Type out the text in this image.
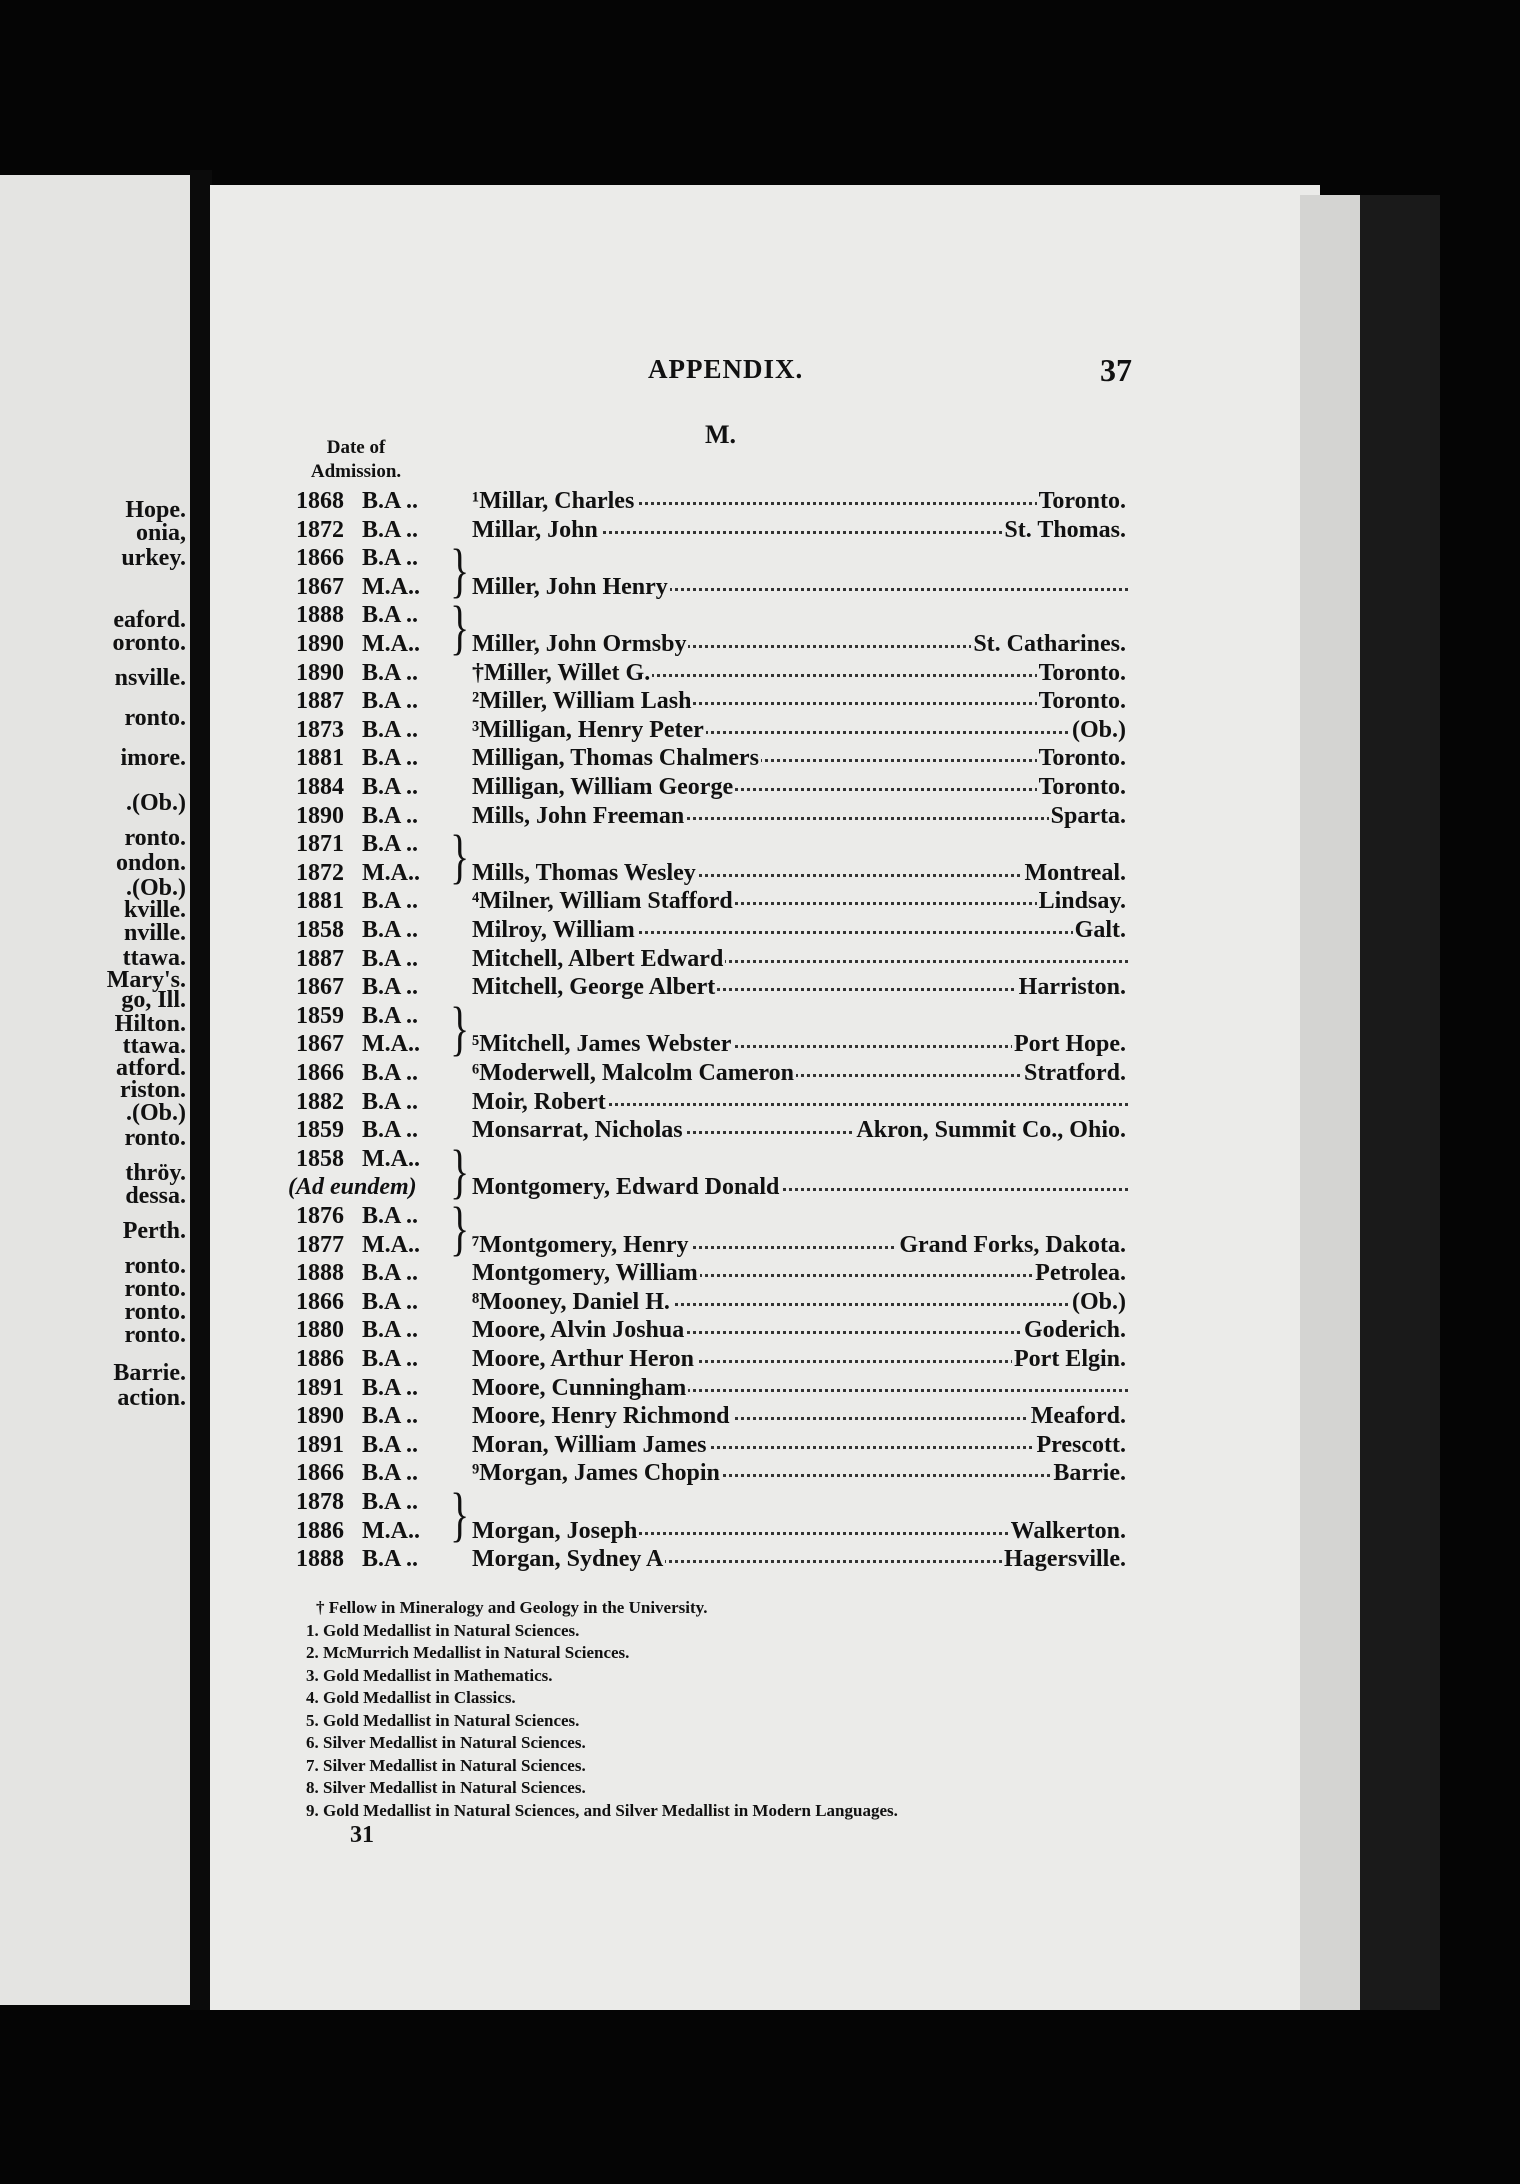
Hope.
onia,
urkey.
eaford.
oronto.
nsville.
ronto.
imore.
.(Ob.)
ronto.
ondon.
.(Ob.)
kville.
nville.
ttawa.
Mary's.
go, Ill.
Hilton.
ttawa.
atford.
riston.
.(Ob.)
ronto.
thröy.
dessa.
Perth.
ronto.
ronto.
ronto.
ronto.
Barrie.
action.
APPENDIX.	37
M.
Date of
Admission.
1868 B.A .. ¹Millar, Charles	Toronto.
1872 B.A .. Millar, John	St. Thomas.
1866 B.A ..
1867 M.A.. Miller, John Henry
1888 B.A ..
1890 M.A.. Miller, John Ormsby	St. Catharines.
1890 B.A .. †Miller, Willet G.	Toronto.
1887 B.A .. ²Miller, William Lash	Toronto.
1873 B.A .. ³Milligan, Henry Peter	(Ob.)
1881 B.A .. Milligan, Thomas Chalmers	Toronto.
1884 B.A .. Milligan, William George	Toronto.
1890 B.A .. Mills, John Freeman	Sparta.
1871 B.A ..
1872 M.A.. Mills, Thomas Wesley	Montreal.
1881 B.A .. ⁴Milner, William Stafford	Lindsay.
1858 B.A .. Milroy, William	Galt.
1887 B.A .. Mitchell, Albert Edward
1867 B.A .. Mitchell, George Albert	Harriston.
1859 B.A ..
1867 M.A.. ⁵Mitchell, James Webster	Port Hope.
1866 B.A .. ⁶Moderwell, Malcolm Cameron	Stratford.
1882 B.A .. Moir, Robert
1859 B.A .. Monsarrat, Nicholas	Akron, Summit Co., Ohio.
1858 M.A..
(Ad eundem) Montgomery, Edward Donald
1876 B.A ..
1877 M.A.. ⁷Montgomery, Henry	Grand Forks, Dakota.
1888 B.A .. Montgomery, William	Petrolea.
1866 B.A .. ⁸Mooney, Daniel H.	(Ob.)
1880 B.A .. Moore, Alvin Joshua	Goderich.
1886 B.A .. Moore, Arthur Heron	Port Elgin.
1891 B.A .. Moore, Cunningham
1890 B.A .. Moore, Henry Richmond	Meaford.
1891 B.A .. Moran, William James	Prescott.
1866 B.A .. ⁹Morgan, James Chopin	Barrie.
1878 B.A ..
1886 M.A.. Morgan, Joseph	Walkerton.
1888 B.A .. Morgan, Sydney A	Hagersville.
}
}
}
}
}
}
}
† Fellow in Mineralogy and Geology in the University.
1. Gold Medallist in Natural Sciences.
2. McMurrich Medallist in Natural Sciences.
3. Gold Medallist in Mathematics.
4. Gold Medallist in Classics.
5. Gold Medallist in Natural Sciences.
6. Silver Medallist in Natural Sciences.
7. Silver Medallist in Natural Sciences.
8. Silver Medallist in Natural Sciences.
9. Gold Medallist in Natural Sciences, and Silver Medallist in Modern Languages.
31
